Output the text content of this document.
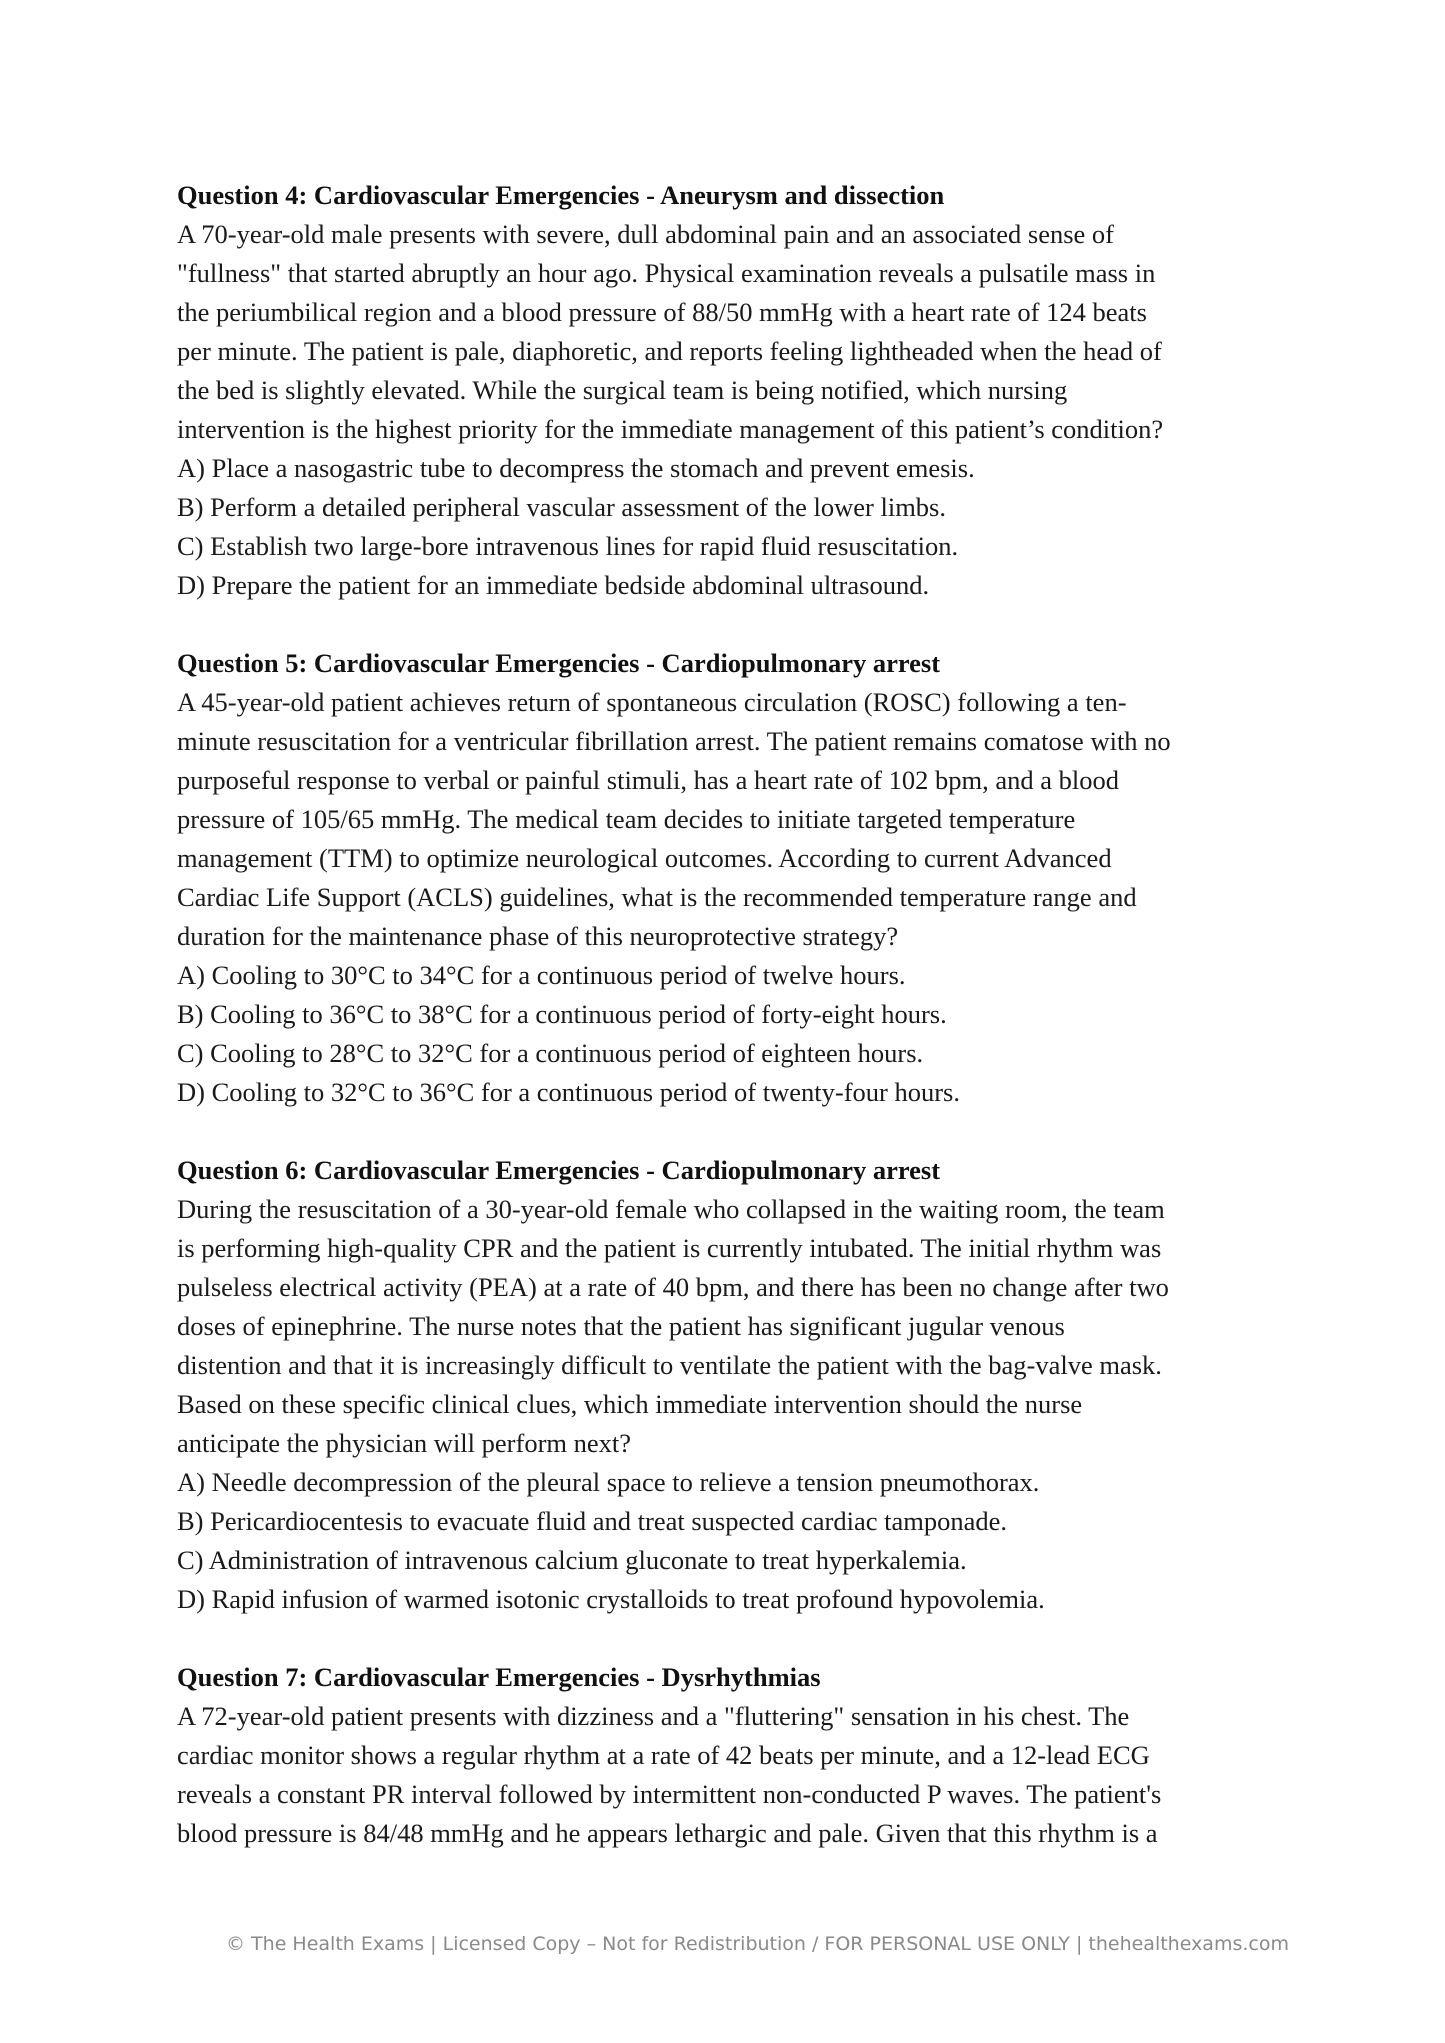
Question 4: Cardiovascular Emergencies - Aneurysm and dissection
A 70-year-old male presents with severe, dull abdominal pain and an associated sense of
"fullness" that started abruptly an hour ago. Physical examination reveals a pulsatile mass in
the periumbilical region and a blood pressure of 88/50 mmHg with a heart rate of 124 beats
per minute. The patient is pale, diaphoretic, and reports feeling lightheaded when the head of
the bed is slightly elevated. While the surgical team is being notified, which nursing
intervention is the highest priority for the immediate management of this patient’s condition?
A) Place a nasogastric tube to decompress the stomach and prevent emesis.
B) Perform a detailed peripheral vascular assessment of the lower limbs.
C) Establish two large-bore intravenous lines for rapid fluid resuscitation.
D) Prepare the patient for an immediate bedside abdominal ultrasound.
Question 5: Cardiovascular Emergencies - Cardiopulmonary arrest
A 45-year-old patient achieves return of spontaneous circulation (ROSC) following a ten-
minute resuscitation for a ventricular fibrillation arrest. The patient remains comatose with no
purposeful response to verbal or painful stimuli, has a heart rate of 102 bpm, and a blood
pressure of 105/65 mmHg. The medical team decides to initiate targeted temperature
management (TTM) to optimize neurological outcomes. According to current Advanced
Cardiac Life Support (ACLS) guidelines, what is the recommended temperature range and
duration for the maintenance phase of this neuroprotective strategy?
A) Cooling to 30°C to 34°C for a continuous period of twelve hours.
B) Cooling to 36°C to 38°C for a continuous period of forty-eight hours.
C) Cooling to 28°C to 32°C for a continuous period of eighteen hours.
D) Cooling to 32°C to 36°C for a continuous period of twenty-four hours.
Question 6: Cardiovascular Emergencies - Cardiopulmonary arrest
During the resuscitation of a 30-year-old female who collapsed in the waiting room, the team
is performing high-quality CPR and the patient is currently intubated. The initial rhythm was
pulseless electrical activity (PEA) at a rate of 40 bpm, and there has been no change after two
doses of epinephrine. The nurse notes that the patient has significant jugular venous
distention and that it is increasingly difficult to ventilate the patient with the bag-valve mask.
Based on these specific clinical clues, which immediate intervention should the nurse
anticipate the physician will perform next?
A) Needle decompression of the pleural space to relieve a tension pneumothorax.
B) Pericardiocentesis to evacuate fluid and treat suspected cardiac tamponade.
C) Administration of intravenous calcium gluconate to treat hyperkalemia.
D) Rapid infusion of warmed isotonic crystalloids to treat profound hypovolemia.
Question 7: Cardiovascular Emergencies - Dysrhythmias
A 72-year-old patient presents with dizziness and a "fluttering" sensation in his chest. The
cardiac monitor shows a regular rhythm at a rate of 42 beats per minute, and a 12-lead ECG
reveals a constant PR interval followed by intermittent non-conducted P waves. The patient's
blood pressure is 84/48 mmHg and he appears lethargic and pale. Given that this rhythm is a
© The Health Exams | Licensed Copy – Not for Redistribution / FOR PERSONAL USE ONLY | thehealthexams.com
